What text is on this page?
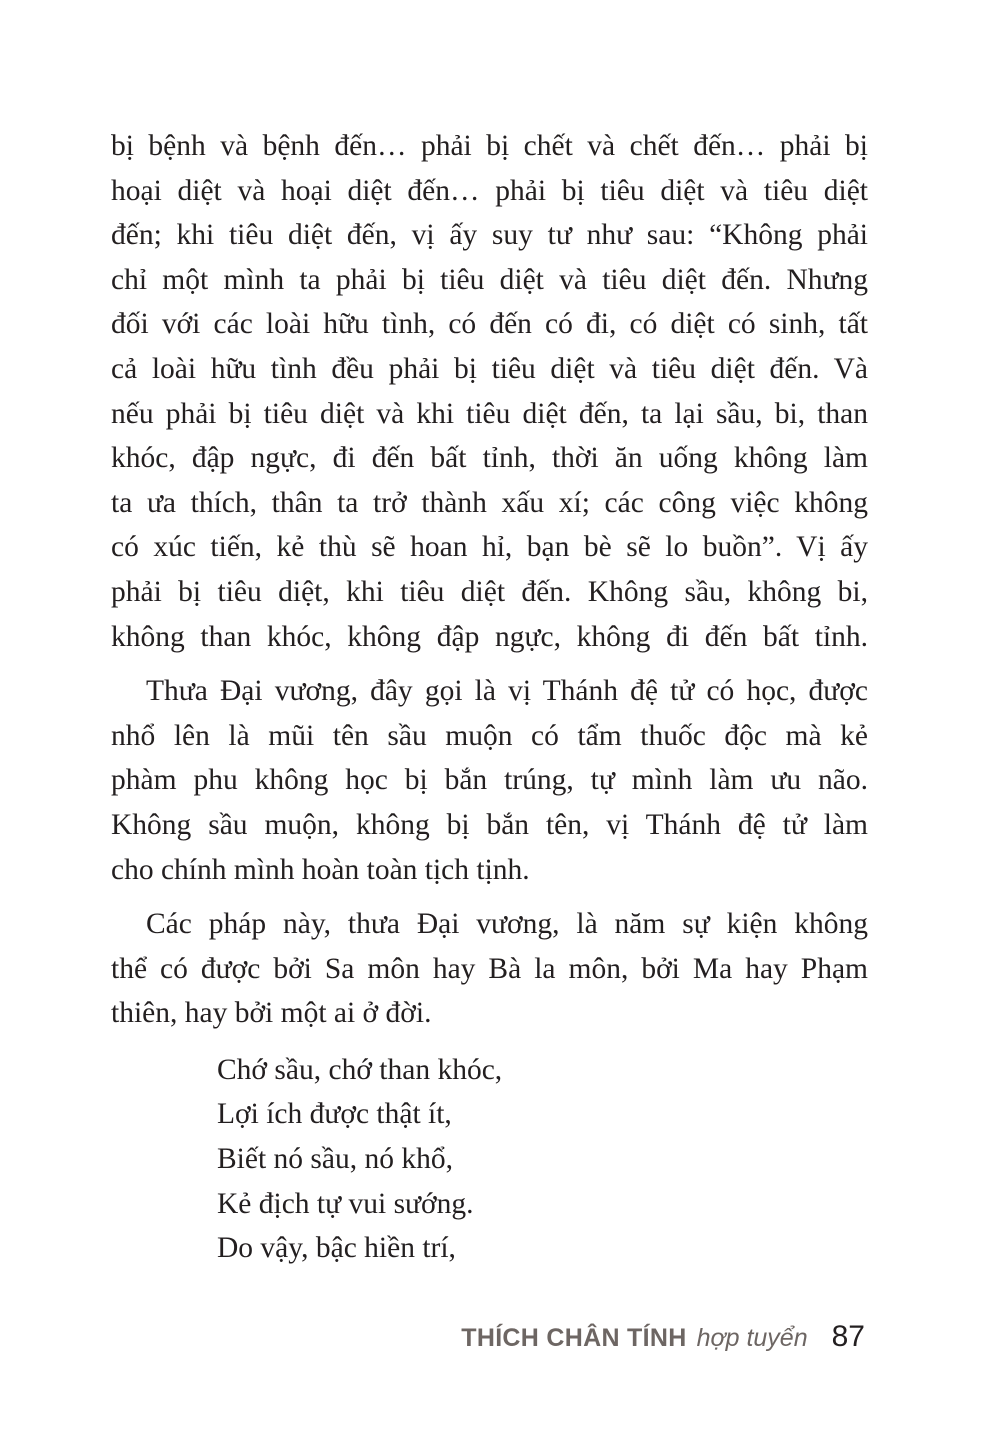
bị bệnh và bệnh đến… phải bị chết và chết đến… phải bị
hoại diệt và hoại diệt đến… phải bị tiêu diệt và tiêu diệt
đến; khi tiêu diệt đến, vị ấy suy tư như sau: “Không phải
chỉ một mình ta phải bị tiêu diệt và tiêu diệt đến. Nhưng
đối với các loài hữu tình, có đến có đi, có diệt có sinh, tất
cả loài hữu tình đều phải bị tiêu diệt và tiêu diệt đến. Và
nếu phải bị tiêu diệt và khi tiêu diệt đến, ta lại sầu, bi, than
khóc, đập ngực, đi đến bất tỉnh, thời ăn uống không làm
ta ưa thích, thân ta trở thành xấu xí; các công việc không
có xúc tiến, kẻ thù sẽ hoan hỉ, bạn bè sẽ lo buồn”. Vị ấy
phải bị tiêu diệt, khi tiêu diệt đến. Không sầu, không bi,
không than khóc, không đập ngực, không đi đến bất tỉnh.

Thưa Đại vương, đây gọi là vị Thánh đệ tử có học, được
nhổ lên là mũi tên sầu muộn có tẩm thuốc độc mà kẻ
phàm phu không học bị bắn trúng, tự mình làm ưu não.
Không sầu muộn, không bị bắn tên, vị Thánh đệ tử làm
cho chính mình hoàn toàn tịch tịnh.

Các pháp này, thưa Đại vương, là năm sự kiện không
thể có được bởi Sa môn hay Bà la môn, bởi Ma hay Phạm
thiên, hay bởi một ai ở đời.

Chớ sầu, chớ than khóc,
Lợi ích được thật ít,
Biết nó sầu, nó khổ,
Kẻ địch tự vui sướng.
Do vậy, bậc hiền trí,
THÍCH CHÂN TÍNH hợp tuyển 87
